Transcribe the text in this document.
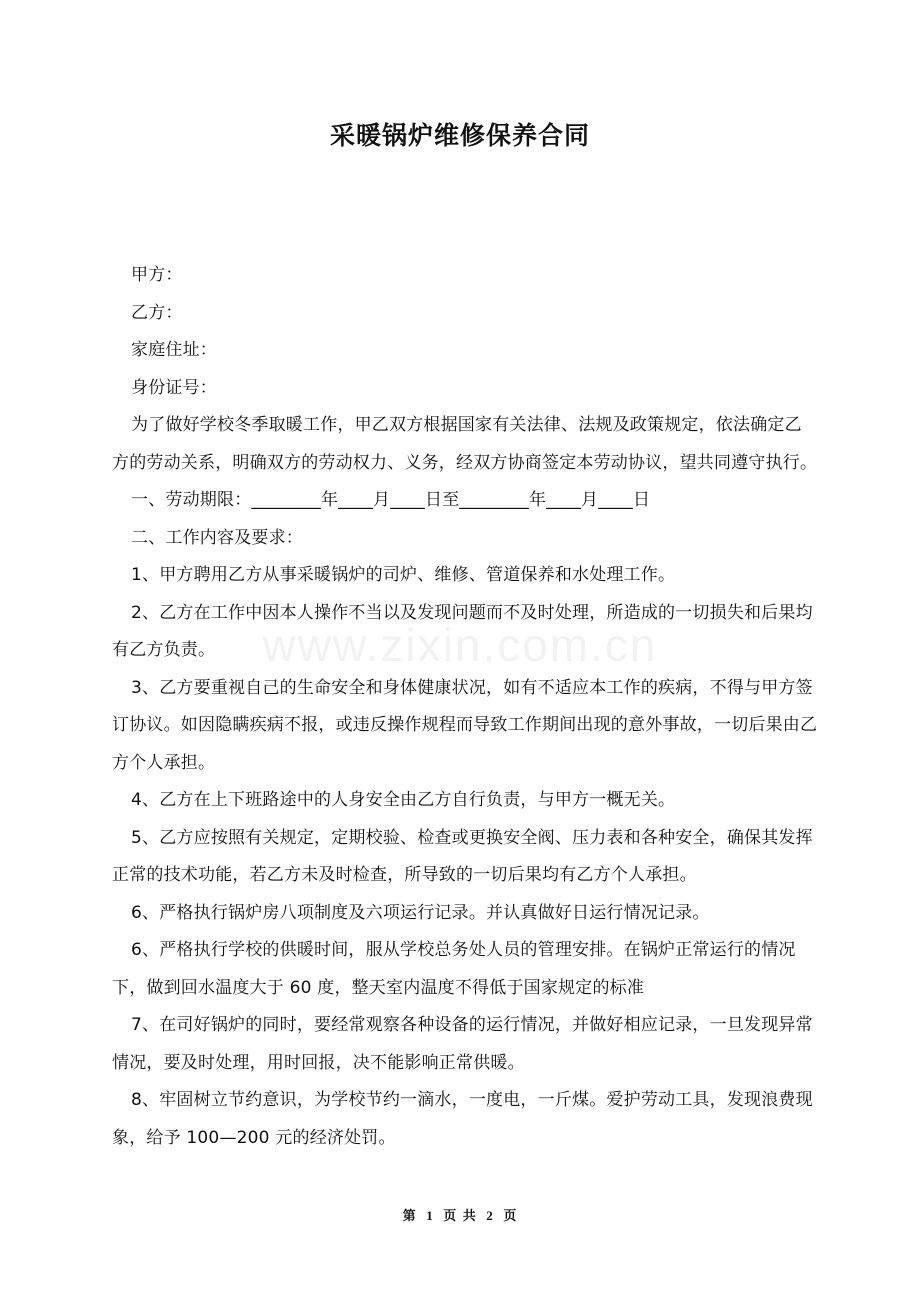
采暖锅炉维修保养合同

甲方：

乙方：

家庭住址：

身份证号：

为了做好学校冬季取暖工作，甲乙双方根据国家有关法律、法规及政策规定，依法确定乙方的劳动关系，明确双方的劳动权力、义务，经双方协商签定本劳动协议，望共同遵守执行。

一、劳动期限：________年____月____日至________年____月____日

二、工作内容及要求：

1、甲方聘用乙方从事采暖锅炉的司炉、维修、管道保养和水处理工作。

2、乙方在工作中因本人操作不当以及发现问题而不及时处理，所造成的一切损失和后果均有乙方负责。

3、乙方要重视自己的生命安全和身体健康状况，如有不适应本工作的疾病，不得与甲方签订协议。如因隐瞒疾病不报，或违反操作规程而导致工作期间出现的意外事故，一切后果由乙方个人承担。

4、乙方在上下班路途中的人身安全由乙方自行负责，与甲方一概无关。

5、乙方应按照有关规定，定期校验、检查或更换安全阀、压力表和各种安全，确保其发挥正常的技术功能，若乙方未及时检查，所导致的一切后果均有乙方个人承担。

6、严格执行锅炉房八项制度及六项运行记录。并认真做好日运行情况记录。

6、严格执行学校的供暖时间，服从学校总务处人员的管理安排。在锅炉正常运行的情况下，做到回水温度大于 60 度，整天室内温度不得低于国家规定的标准

7、在司好锅炉的同时，要经常观察各种设备的运行情况，并做好相应记录，一旦发现异常情况，要及时处理，用时回报，决不能影响正常供暖。

8、牢固树立节约意识，为学校节约一滴水，一度电，一斤煤。爱护劳动工具，发现浪费现象，给予 100—200 元的经济处罚。

www.zixin.com.cn
第 1 页 共 2 页
